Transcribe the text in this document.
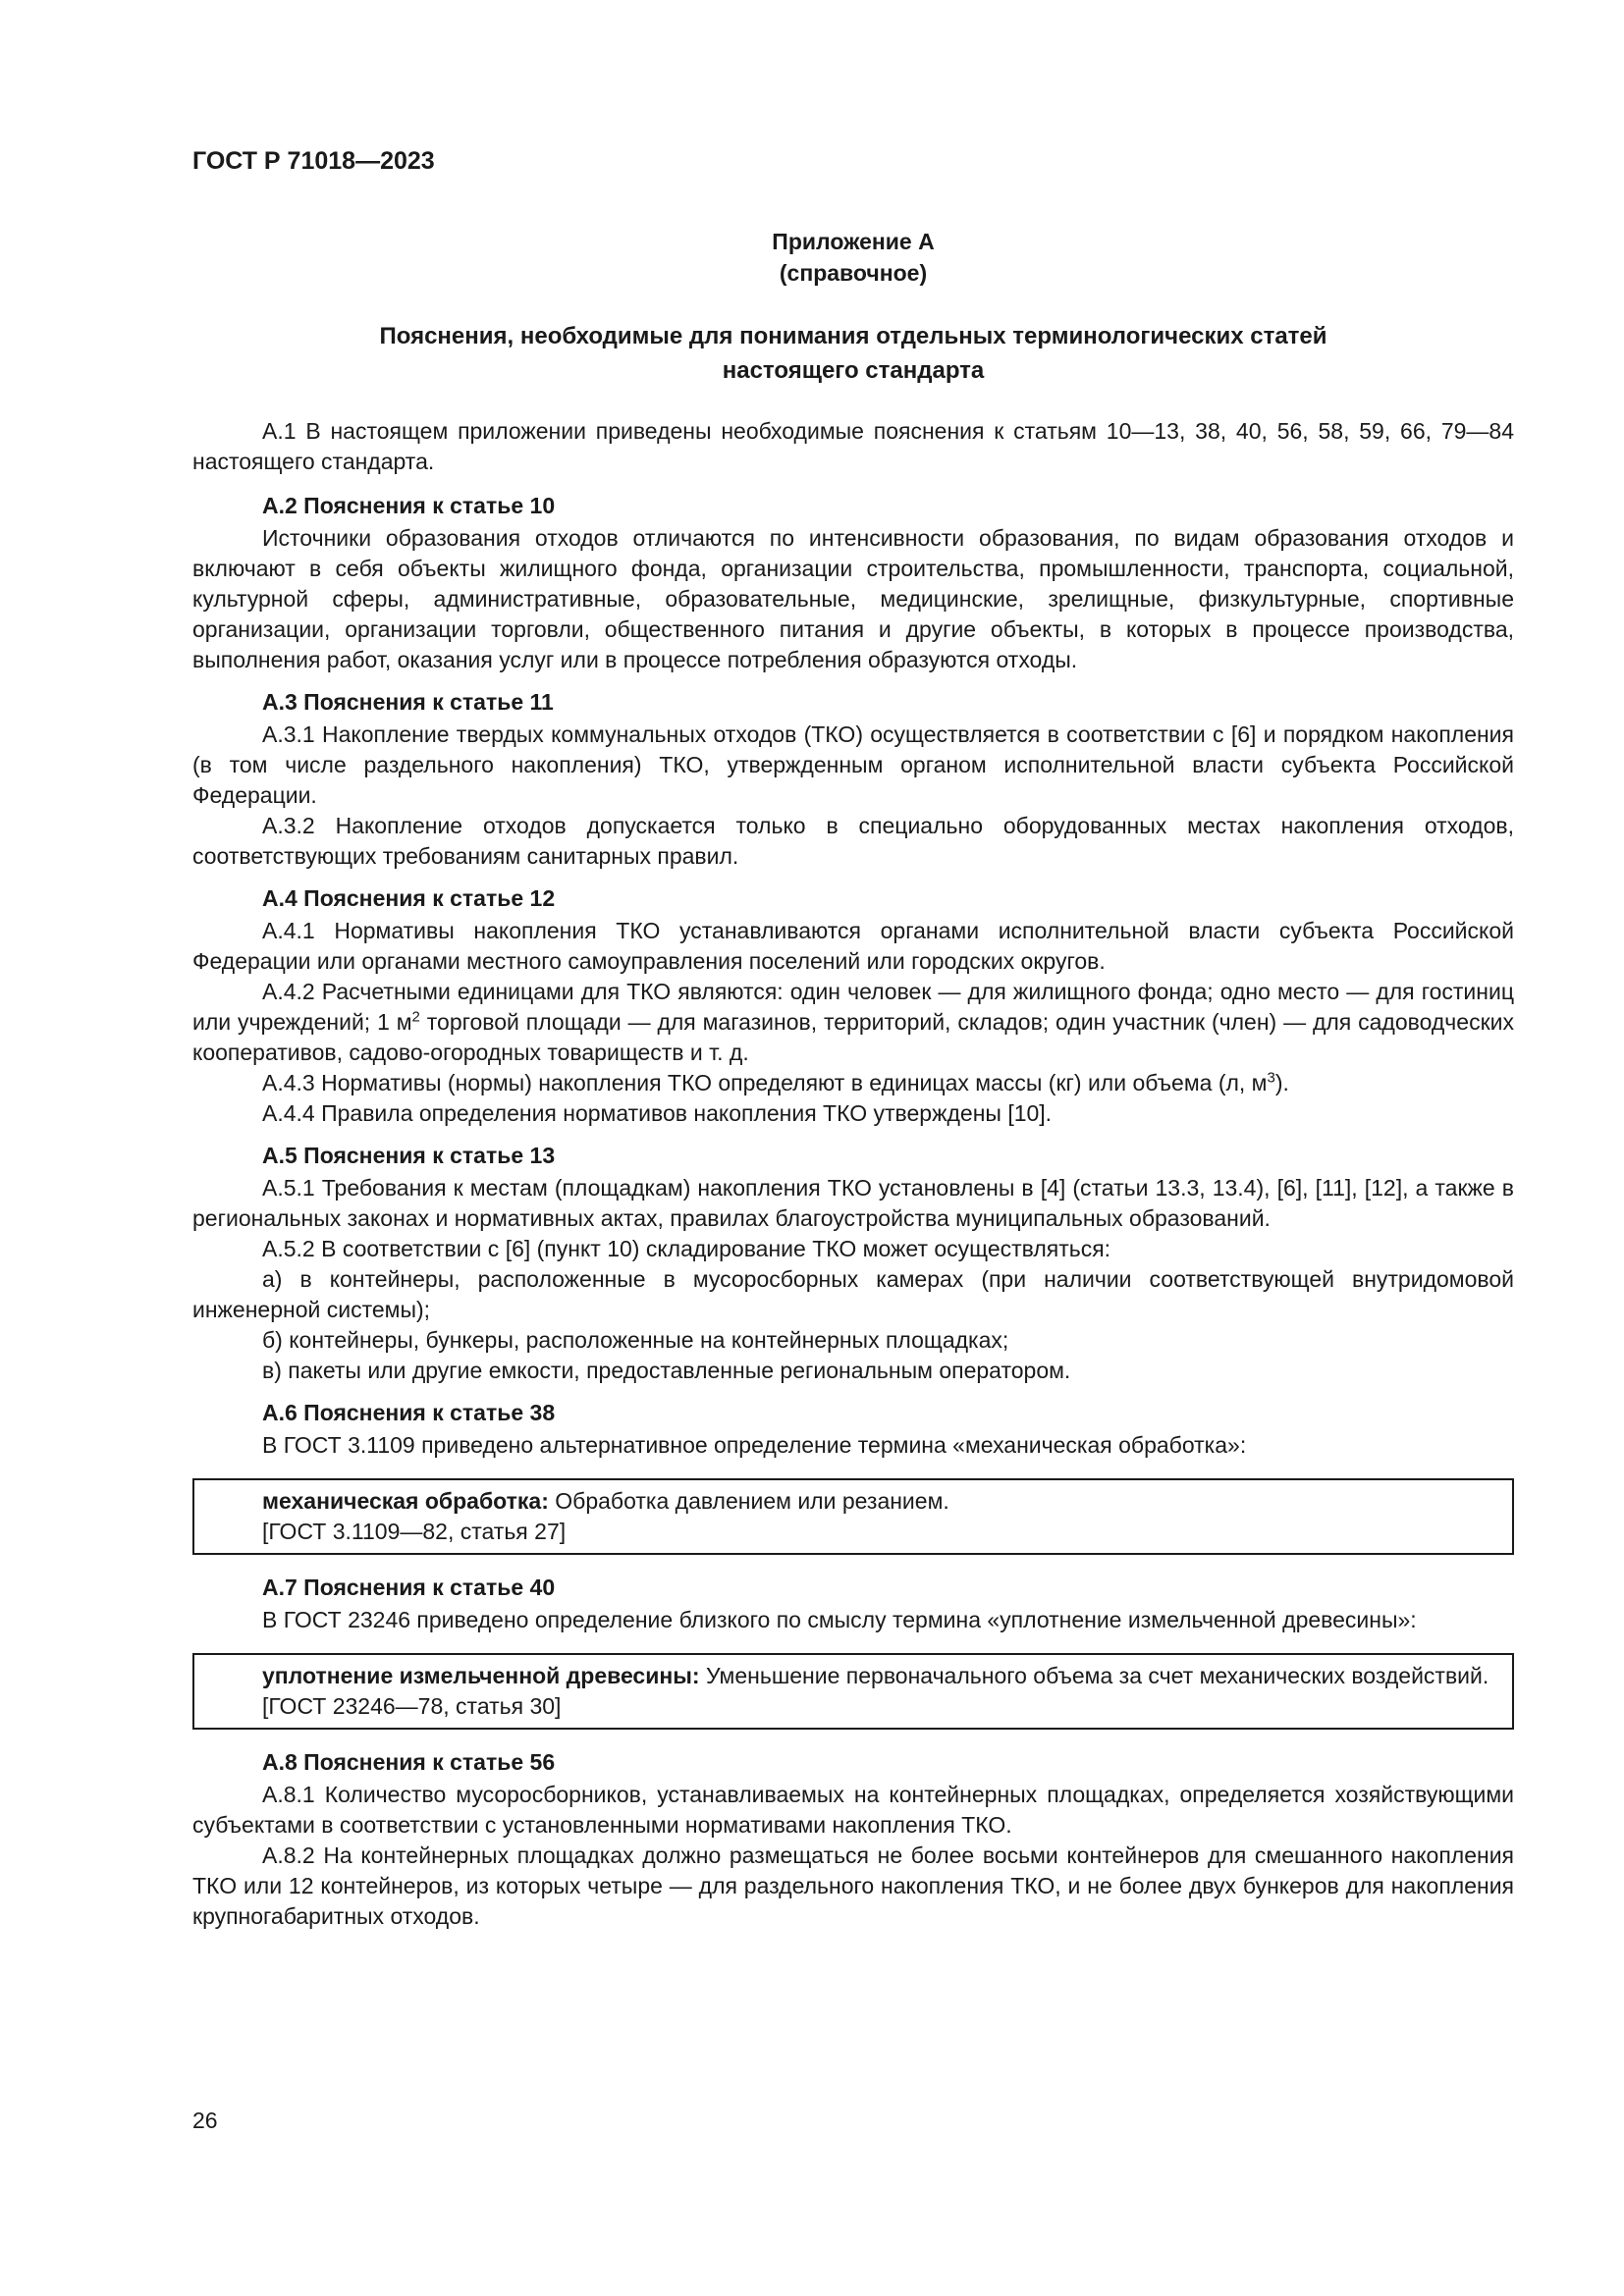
ГОСТ Р 71018—2023
Приложение А
(справочное)
Пояснения, необходимые для понимания отдельных терминологических статей
настоящего стандарта

А.1 В настоящем приложении приведены необходимые пояснения к статьям 10—13, 38, 40, 56, 58, 59, 66, 79—84 настоящего стандарта.

А.2 Пояснения к статье 10

Источники образования отходов отличаются по интенсивности образования, по видам образования отходов и включают в себя объекты жилищного фонда, организации строительства, промышленности, транспорта, социальной, культурной сферы, административные, образовательные, медицинские, зрелищные, физкультурные, спортивные организации, организации торговли, общественного питания и другие объекты, в которых в процессе производства, выполнения работ, оказания услуг или в процессе потребления образуются отходы.

А.3 Пояснения к статье 11

А.3.1 Накопление твердых коммунальных отходов (ТКО) осуществляется в соответствии с [6] и порядком накопления (в том числе раздельного накопления) ТКО, утвержденным органом исполнительной власти субъекта Российской Федерации.

А.3.2 Накопление отходов допускается только в специально оборудованных местах накопления отходов, соответствующих требованиям санитарных правил.

А.4 Пояснения к статье 12

А.4.1 Нормативы накопления ТКО устанавливаются органами исполнительной власти субъекта Российской Федерации или органами местного самоуправления поселений или городских округов.

А.4.2 Расчетными единицами для ТКО являются: один человек — для жилищного фонда; одно место — для гостиниц или учреждений; 1 $м^2$ торговой площади — для магазинов, территорий, складов; один участник (член) — для садоводческих кооперативов, садово-огородных товариществ и т. д.

А.4.3 Нормативы (нормы) накопления ТКО определяют в единицах массы (кг) или объема (л, $м^3$).

А.4.4 Правила определения нормативов накопления ТКО утверждены [10].

А.5 Пояснения к статье 13

А.5.1 Требования к местам (площадкам) накопления ТКО установлены в [4] (статьи 13.3, 13.4), [6], [11], [12], а также в региональных законах и нормативных актах, правилах благоустройства муниципальных образований.

А.5.2 В соответствии с [6] (пункт 10) складирование ТКО может осуществляться:

а) в контейнеры, расположенные в мусоросборных камерах (при наличии соответствующей внутридомовой инженерной системы);

б) контейнеры, бункеры, расположенные на контейнерных площадках;

в) пакеты или другие емкости, предоставленные региональным оператором.

А.6 Пояснения к статье 38

В ГОСТ 3.1109 приведено альтернативное определение термина «механическая обработка»:

механическая обработка: Обработка давлением или резанием.

[ГОСТ 3.1109—82, статья 27]

А.7 Пояснения к статье 40

В ГОСТ 23246 приведено определение близкого по смыслу термина «уплотнение измельченной древесины»:

уплотнение измельченной древесины: Уменьшение первоначального объема за счет механических воздействий.

[ГОСТ 23246—78, статья 30]

А.8 Пояснения к статье 56

А.8.1 Количество мусоросборников, устанавливаемых на контейнерных площадках, определяется хозяйствующими субъектами в соответствии с установленными нормативами накопления ТКО.

А.8.2 На контейнерных площадках должно размещаться не более восьми контейнеров для смешанного накопления ТКО или 12 контейнеров, из которых четыре — для раздельного накопления ТКО, и не более двух бункеров для накопления крупногабаритных отходов.

26
